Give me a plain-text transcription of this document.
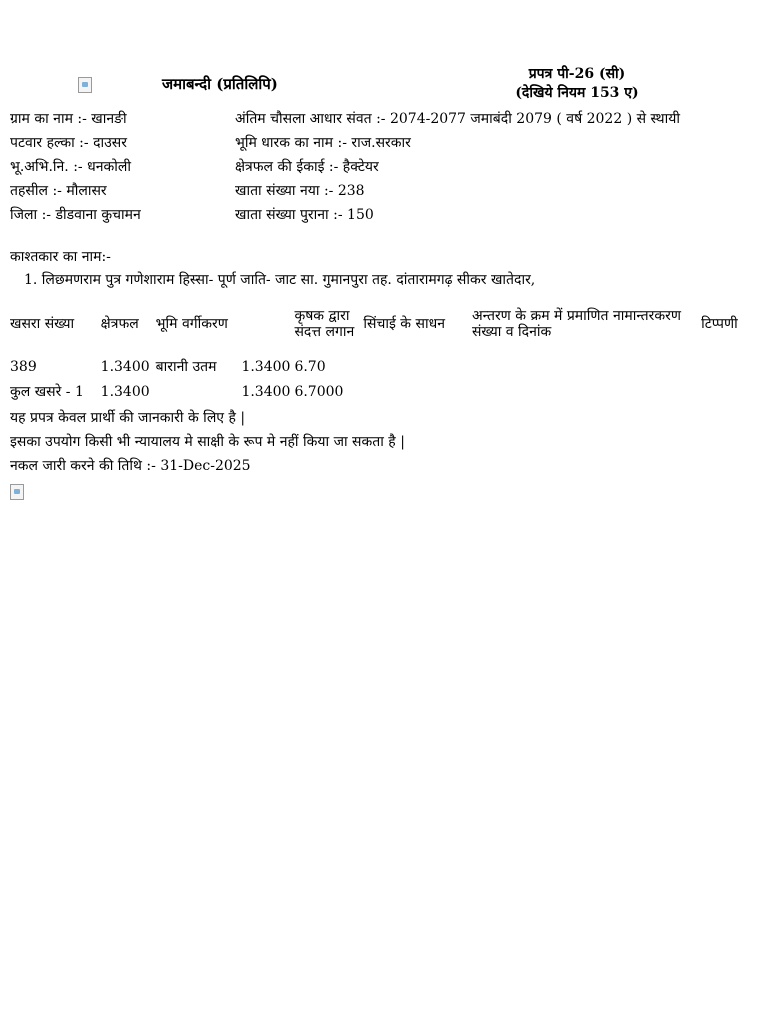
जमाबन्दी (प्रतिलिपि)
प्रपत्र पी-26 (सी)
(देखिये नियम 153 ए)
ग्राम का नाम :- खानङी
पटवार हल्का :- दाउसर
भू.अभि.नि. :- धनकोली
तहसील :- मौलासर
जिला :- डीडवाना कुचामन
अंतिम चौसला आधार संवत :- 2074-2077 जमाबंदी 2079 ( वर्ष 2022 ) से स्थायी
भूमि धारक का नाम :- राज.सरकार
क्षेत्रफल की ईकाई :- हैक्टेयर
खाता संख्या नया :- 238
खाता संख्या पुराना :- 150
काश्तकार का नाम:-
1. लिछमणराम पुत्र गणेशाराम हिस्सा- पूर्ण जाति- जाट सा. गुमानपुरा तह. दांतारामगढ़ सीकर खातेदार,
खसरा संख्या	क्षेत्रफल	भूमि वर्गीकरण		कृषक द्वारा संदत्त लगान	सिंचाई के साधन	अन्तरण के क्रम में प्रमाणित नामान्तरकरण संख्या व दिनांक	टिप्पणी
389	1.3400	बारानी उतम	1.3400	6.70			
कुल खसरे - 1	1.3400		1.3400	6.7000			
यह प्रपत्र केवल प्रार्थी की जानकारी के लिए है |
इसका उपयोग किसी भी न्यायालय मे साक्षी के रूप मे नहीं किया जा सकता है |
नकल जारी करने की तिथि :- 31-Dec-2025
